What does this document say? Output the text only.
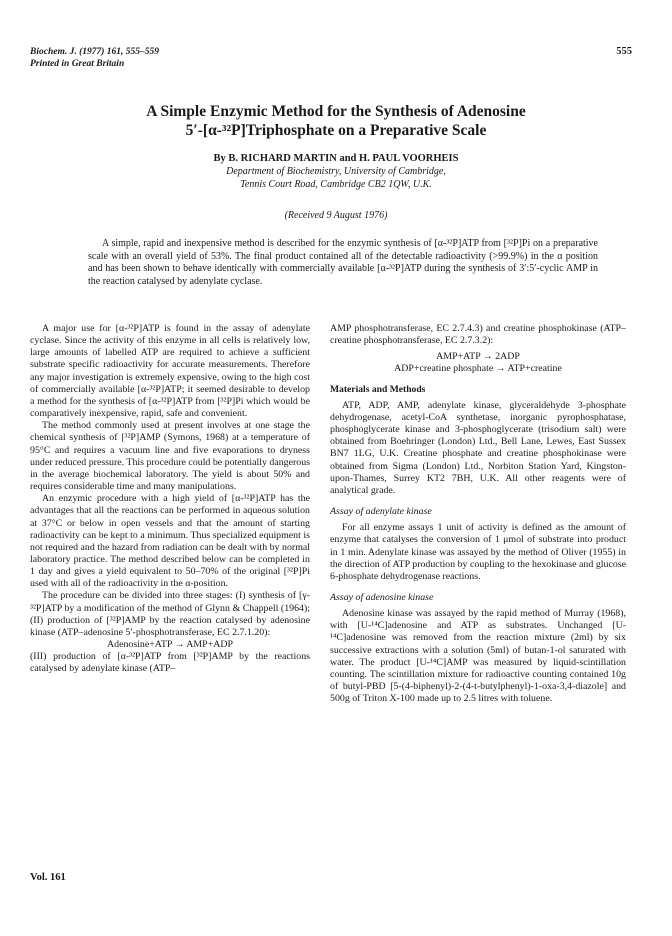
Biochem. J. (1977) 161, 555–559
Printed in Great Britain
555
A Simple Enzymic Method for the Synthesis of Adenosine
5′-[α-³²P]Triphosphate on a Preparative Scale
By B. RICHARD MARTIN and H. PAUL VOORHEIS
Department of Biochemistry, University of Cambridge,
Tennis Court Road, Cambridge CB2 1QW, U.K.
(Received 9 August 1976)
A simple, rapid and inexpensive method is described for the enzymic synthesis of [α-³²P]ATP from [³²P]Pi on a preparative scale with an overall yield of 53%. The final product contained all of the detectable radioactivity (>99.9%) in the α position and has been shown to behave identically with commercially available [α-³²P]ATP during the synthesis of 3′:5′-cyclic AMP in the reaction catalysed by adenylate cyclase.

A major use for [α-³²P]ATP is found in the assay of adenylate cyclase. Since the activity of this enzyme in all cells is relatively low, large amounts of labelled ATP are required to achieve a sufficient substrate specific radioactivity for accurate measurements. Therefore any major investigation is extremely expensive, owing to the high cost of commercially available [α-³²P]ATP; it seemed desirable to develop a method for the synthesis of [α-³²P]ATP from [³²P]Pi which would be comparatively inexpensive, rapid, safe and convenient.

The method commonly used at present involves at one stage the chemical synthesis of [³²P]AMP (Symons, 1968) at a temperature of 95°C and requires a vacuum line and five evaporations to dryness under reduced pressure. This procedure could be potentially dangerous in the average biochemical laboratory. The yield is about 50% and requires considerable time and many manipulations.

An enzymic procedure with a high yield of [α-³²P]ATP has the advantages that all the reactions can be performed in aqueous solution at 37°C or below in open vessels and that the amount of starting radioactivity can be kept to a minimum. Thus specialized equipment is not required and the hazard from radiation can be dealt with by normal laboratory practice. The method described below can be completed in 1 day and gives a yield equivalent to 50–70% of the original [³²P]Pi used with all of the radioactivity in the α-position.

The procedure can be divided into three stages: (I) synthesis of [γ-³²P]ATP by a modification of the method of Glynn & Chappell (1964); (II) production of [³²P]AMP by the reaction catalysed by adenosine kinase (ATP–adenosine 5′-phosphotransferase, EC 2.7.1.20):

Adenosine+ATP → AMP+ADP

(III) production of [α-³²P]ATP from [³²P]AMP by the reactions catalysed by adenylate kinase (ATP–

AMP phosphotransferase, EC 2.7.4.3) and creatine phosphokinase (ATP–creatine phosphotransferase, EC 2.7.3.2):

AMP+ATP → 2ADP
ADP+creatine phosphate → ATP+creatine
Materials and Methods

ATP, ADP, AMP, adenylate kinase, glyceraldehyde 3-phosphate dehydrogenase, acetyl-CoA synthetase, inorganic pyrophosphatase, phosphoglycerate kinase and 3-phosphoglycerate (trisodium salt) were obtained from Boehringer (London) Ltd., Bell Lane, Lewes, East Sussex BN7 1LG, U.K. Creatine phosphate and creatine phosphokinase were obtained from Sigma (London) Ltd., Norbiton Station Yard, Kingston-upon-Thames, Surrey KT2 7BH, U.K. All other reagents were of analytical grade.

Assay of adenylate kinase

For all enzyme assays 1 unit of activity is defined as the amount of enzyme that catalyses the conversion of 1 μmol of substrate into product in 1 min. Adenylate kinase was assayed by the method of Oliver (1955) in the direction of ATP production by coupling to the hexokinase and glucose 6-phosphate dehydrogenase reactions.

Assay of adenosine kinase

Adenosine kinase was assayed by the rapid method of Murray (1968), with [U-¹⁴C]adenosine and ATP as substrates. Unchanged [U-¹⁴C]adenosine was removed from the reaction mixture (2ml) by six successive extractions with a solution (5ml) of butan-1-ol saturated with water. The product [U-¹⁴C]AMP was measured by liquid-scintillation counting. The scintillation mixture for radioactive counting contained 10g of butyl-PBD [5-(4-biphenyl)-2-(4-t-butylphenyl)-1-oxa-3,4-diazole] and 500g of Triton X-100 made up to 2.5 litres with toluene.

Vol. 161
